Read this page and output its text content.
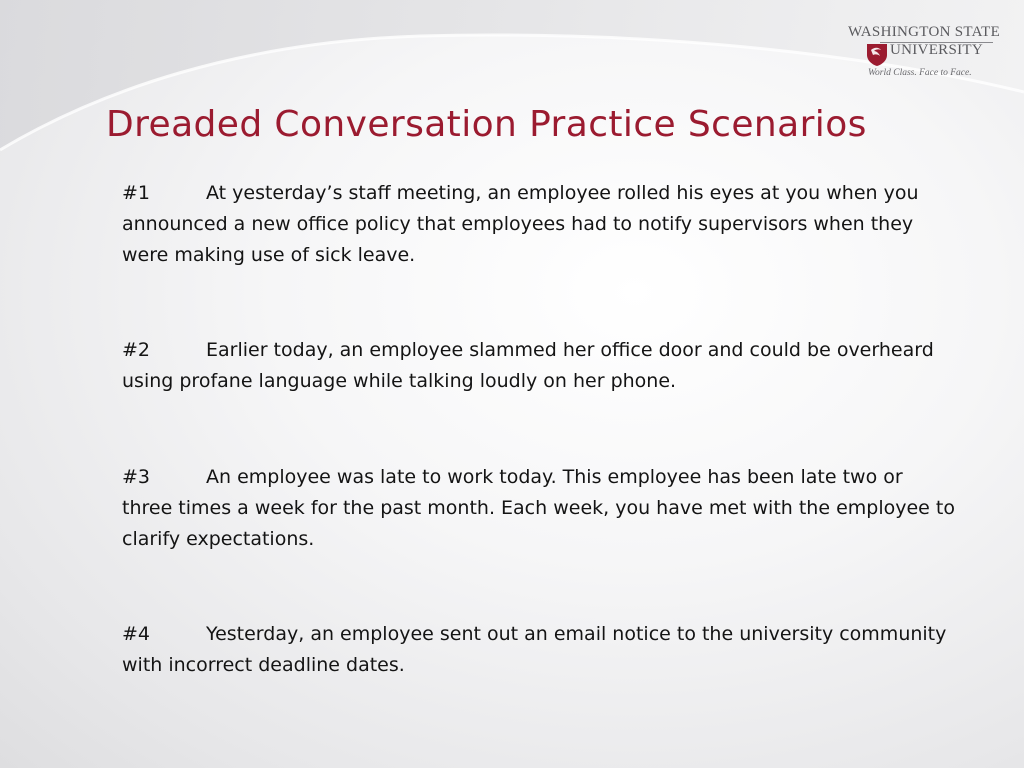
WASHINGTON STATE
UNIVERSITY
World Class. Face to Face.
Dreaded Conversation Practice Scenarios

#1	At yesterday’s staff meeting, an employee rolled his eyes at you when you announced a new office policy that employees had to notify supervisors when they were making use of sick leave.

#2	Earlier today, an employee slammed her office door and could be overheard using profane language while talking loudly on her phone.

#3	An employee was late to work today. This employee has been late two or three times a week for the past month. Each week, you have met with the employee to clarify expectations.

#4	Yesterday, an employee sent out an email notice to the university community with incorrect deadline dates.
